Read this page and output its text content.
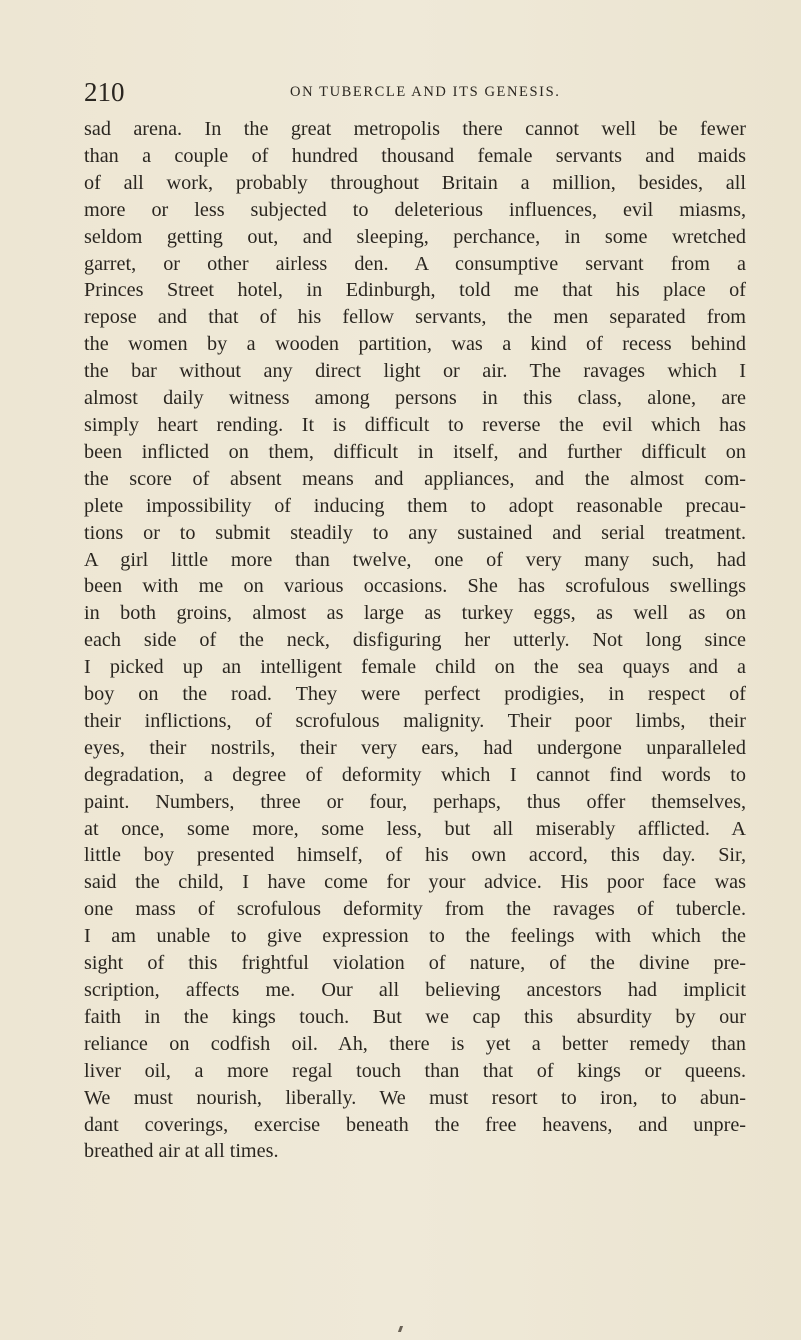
210	ON TUBERCLE AND ITS GENESIS.
sad arena. In the great metropolis there cannot well be fewer
than a couple of hundred thousand female servants and maids
of all work, probably throughout Britain a million, besides, all
more or less subjected to deleterious influences, evil miasms,
seldom getting out, and sleeping, perchance, in some wretched
garret, or other airless den. A consumptive servant from a
Princes Street hotel, in Edinburgh, told me that his place of
repose and that of his fellow servants, the men separated from
the women by a wooden partition, was a kind of recess behind
the bar without any direct light or air. The ravages which I
almost daily witness among persons in this class, alone, are
simply heart rending. It is difficult to reverse the evil which has
been inflicted on them, difficult in itself, and further difficult on
the score of absent means and appliances, and the almost com-
plete impossibility of inducing them to adopt reasonable precau-
tions or to submit steadily to any sustained and serial treatment.
A girl little more than twelve, one of very many such, had
been with me on various occasions. She has scrofulous swellings
in both groins, almost as large as turkey eggs, as well as on
each side of the neck, disfiguring her utterly. Not long since
I picked up an intelligent female child on the sea quays and a
boy on the road. They were perfect prodigies, in respect of
their inflictions, of scrofulous malignity. Their poor limbs, their
eyes, their nostrils, their very ears, had undergone unparalleled
degradation, a degree of deformity which I cannot find words to
paint. Numbers, three or four, perhaps, thus offer themselves,
at once, some more, some less, but all miserably afflicted. A
little boy presented himself, of his own accord, this day. Sir,
said the child, I have come for your advice. His poor face was
one mass of scrofulous deformity from the ravages of tubercle.
I am unable to give expression to the feelings with which the
sight of this frightful violation of nature, of the divine pre-
scription, affects me. Our all believing ancestors had implicit
faith in the kings touch. But we cap this absurdity by our
reliance on codfish oil. Ah, there is yet a better remedy than
liver oil, a more regal touch than that of kings or queens.
We must nourish, liberally. We must resort to iron, to abun-
dant coverings, exercise beneath the free heavens, and unpre-
breathed air at all times.
